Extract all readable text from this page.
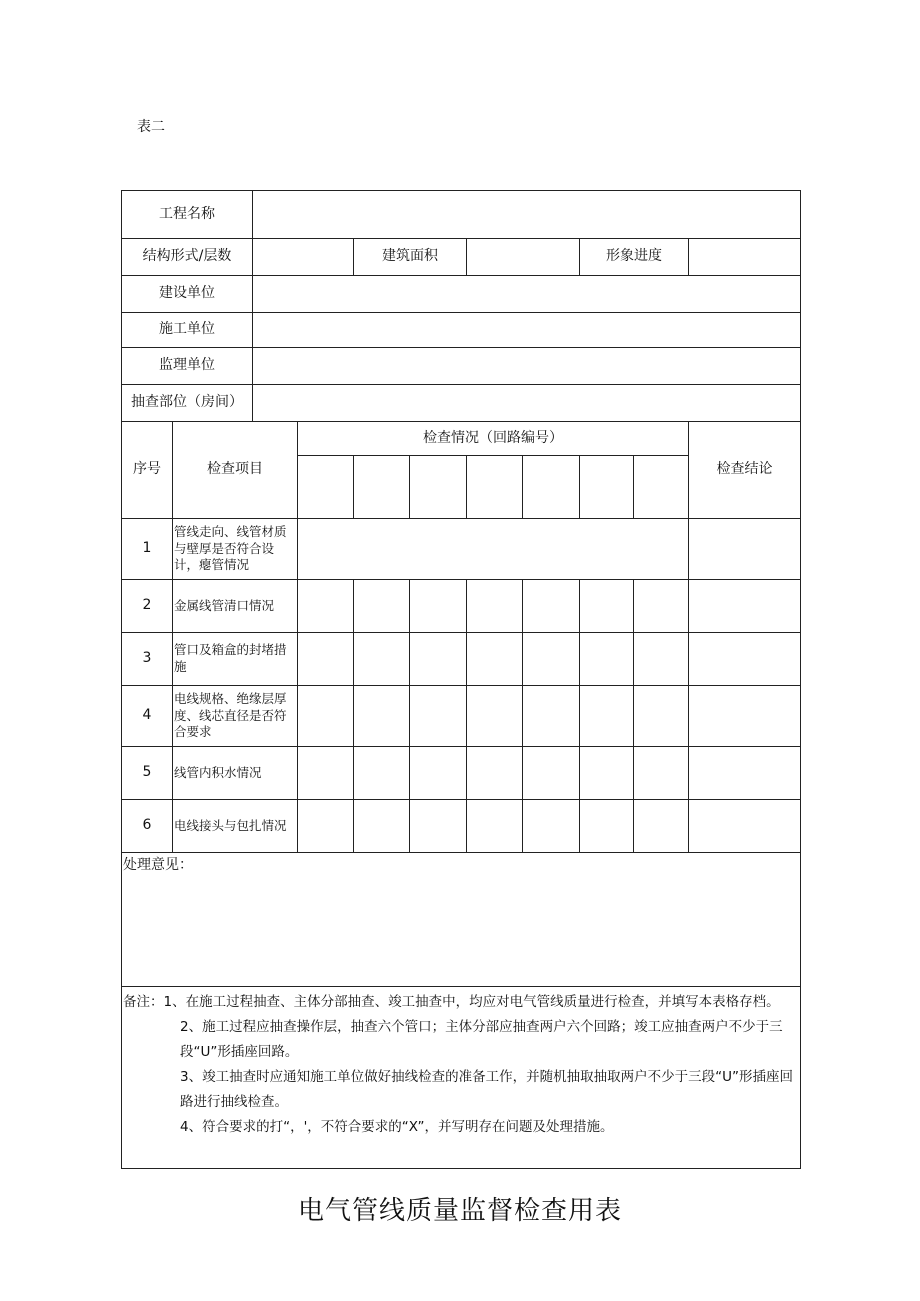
表二
工程名称										
结构形式/层数				建筑面积				形象进度		
建设单位										
施工单位										
监理单位										
抽查部位（房间）										
序号	检查项目		检查情况（回路编号）							检查结论

1	管线走向、线管材质与壁厚是否符合设计，瘪管情况									
2	金属线管清口情况									
3	管口及箱盒的封堵措施									
4	电线规格、绝缘层厚度、线芯直径是否符合要求									
5	线管内积水情况									
6	电线接头与包扎情况									
处理意见：										

备注：1、在施工过程抽查、主体分部抽查、竣工抽查中，均应对电气管线质量进行检查，并填写本表格存档。
2、施工过程应抽查操作层，抽查六个管口；主体分部应抽查两户六个回路；竣工应抽查两户不少于三段“U”形插座回路。
3、竣工抽查时应通知施工单位做好抽线检查的准备工作，并随机抽取抽取两户不少于三段“U”形插座回路进行抽线检查。
4、符合要求的打“，'，不符合要求的“X”，并写明存在问题及处理措施。										
电气管线质量监督检查用表
